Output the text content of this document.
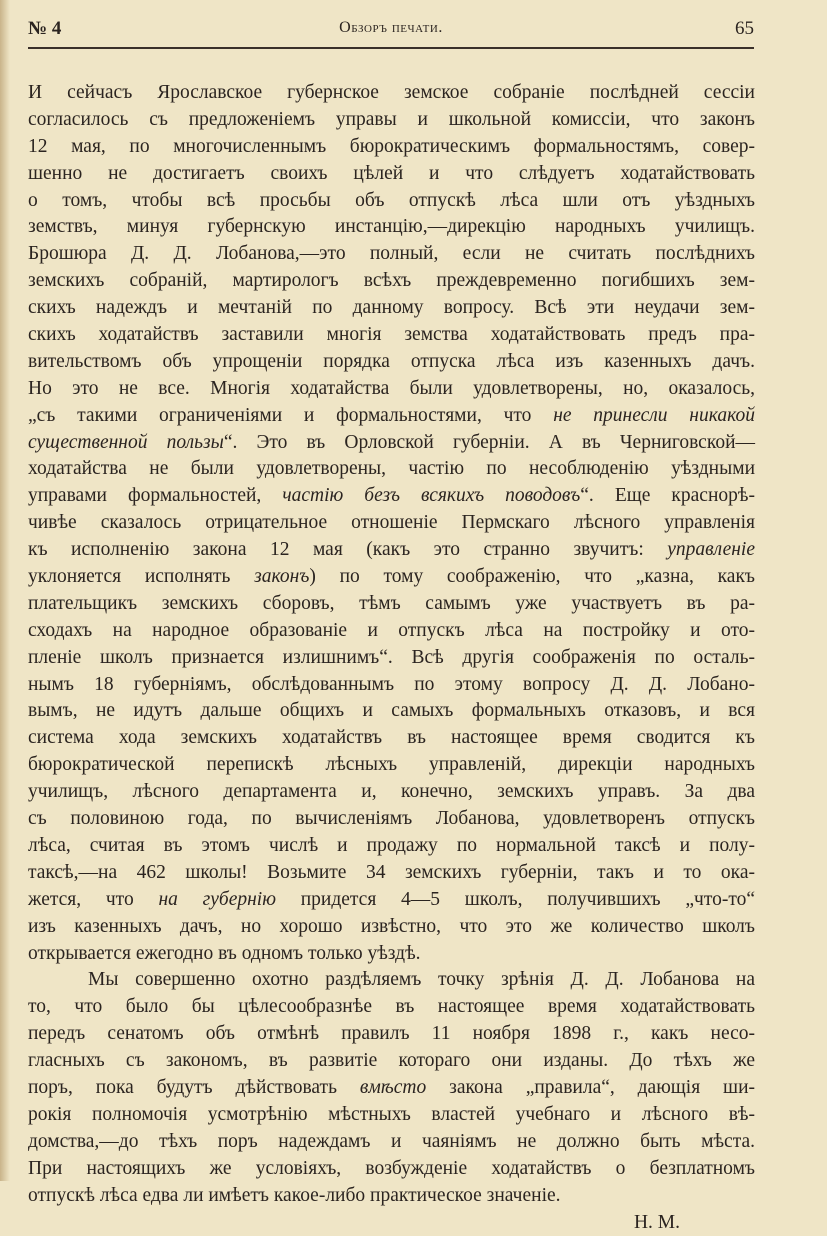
№ 4	Обзоръ печати.	65
И сейчасъ Ярославское губернское земское собраніе послѣдней сессіи
согласилось съ предложеніемъ управы и школьной комиссіи, что законъ
12 мая, по многочисленнымъ бюрократическимъ формальностямъ, совер-
шенно не достигаетъ своихъ цѣлей и что слѣдуетъ ходатайствовать
о томъ, чтобы всѣ просьбы объ отпускѣ лѣса шли отъ уѣздныхъ
земствъ, минуя губернскую инстанцію,—дирекцію народныхъ училищъ.
Брошюра Д. Д. Лобанова,—это полный, если не считать послѣднихъ
земскихъ собраній, мартирологъ всѣхъ преждевременно погибшихъ зем-
скихъ надеждъ и мечтаній по данному вопросу. Всѣ эти неудачи зем-
скихъ ходатайствъ заставили многія земства ходатайствовать предъ пра-
вительствомъ объ упрощеніи порядка отпуска лѣса изъ казенныхъ дачъ.
Но это не все. Многія ходатайства были удовлетворены, но, оказалось,
„съ такими ограниченіями и формальностями, что не принесли никакой
существенной пользы“. Это въ Орловской губерніи. А въ Черниговской—
ходатайства не были удовлетворены, частію по несоблюденію уѣздными
управами формальностей, частію безъ всякихъ поводовъ“. Еще краснорѣ-
чивѣе сказалось отрицательное отношеніе Пермскаго лѣсного управленія
къ исполненію закона 12 мая (какъ это странно звучитъ: управленіе
уклоняется исполнять законъ) по тому соображенію, что „казна, какъ
плательщикъ земскихъ сборовъ, тѣмъ самымъ уже участвуетъ въ ра-
сходахъ на народное образованіе и отпускъ лѣса на постройку и ото-
пленіе школъ признается излишнимъ“. Всѣ другія соображенія по осталь-
нымъ 18 губерніямъ, обслѣдованнымъ по этому вопросу Д. Д. Лобано-
вымъ, не идутъ дальше общихъ и самыхъ формальныхъ отказовъ, и вся
система хода земскихъ ходатайствъ въ настоящее время сводится къ
бюрократической перепискѣ лѣсныхъ управленій, дирекціи народныхъ
училищъ, лѣсного департамента и, конечно, земскихъ управъ. За два
съ половиною года, по вычисленіямъ Лобанова, удовлетворенъ отпускъ
лѣса, считая въ этомъ числѣ и продажу по нормальной таксѣ и полу-
таксѣ,—на 462 школы! Возьмите 34 земскихъ губерніи, такъ и то ока-
жется, что на губернію придется 4—5 школъ, получившихъ „что-то“
изъ казенныхъ дачъ, но хорошо извѣстно, что это же количество школъ
открывается ежегодно въ одномъ только уѣздѣ.
Мы совершенно охотно раздѣляемъ точку зрѣнія Д. Д. Лобанова на
то, что было бы цѣлесообразнѣе въ настоящее время ходатайствовать
передъ сенатомъ объ отмѣнѣ правилъ 11 ноября 1898 г., какъ несо-
гласныхъ съ закономъ, въ развитіе котораго они изданы. До тѣхъ же
поръ, пока будутъ дѣйствовать вмѣсто закона „правила“, дающія ши-
рокія полномочія усмотрѣнію мѣстныхъ властей учебнаго и лѣсного вѣ-
домства,—до тѣхъ поръ надеждамъ и чаяніямъ не должно быть мѣста.
При настоящихъ же условіяхъ, возбужденіе ходатайствъ о безплатномъ
отпускѣ лѣса едва ли имѣетъ какое-либо практическое значеніе.
Н. М.
